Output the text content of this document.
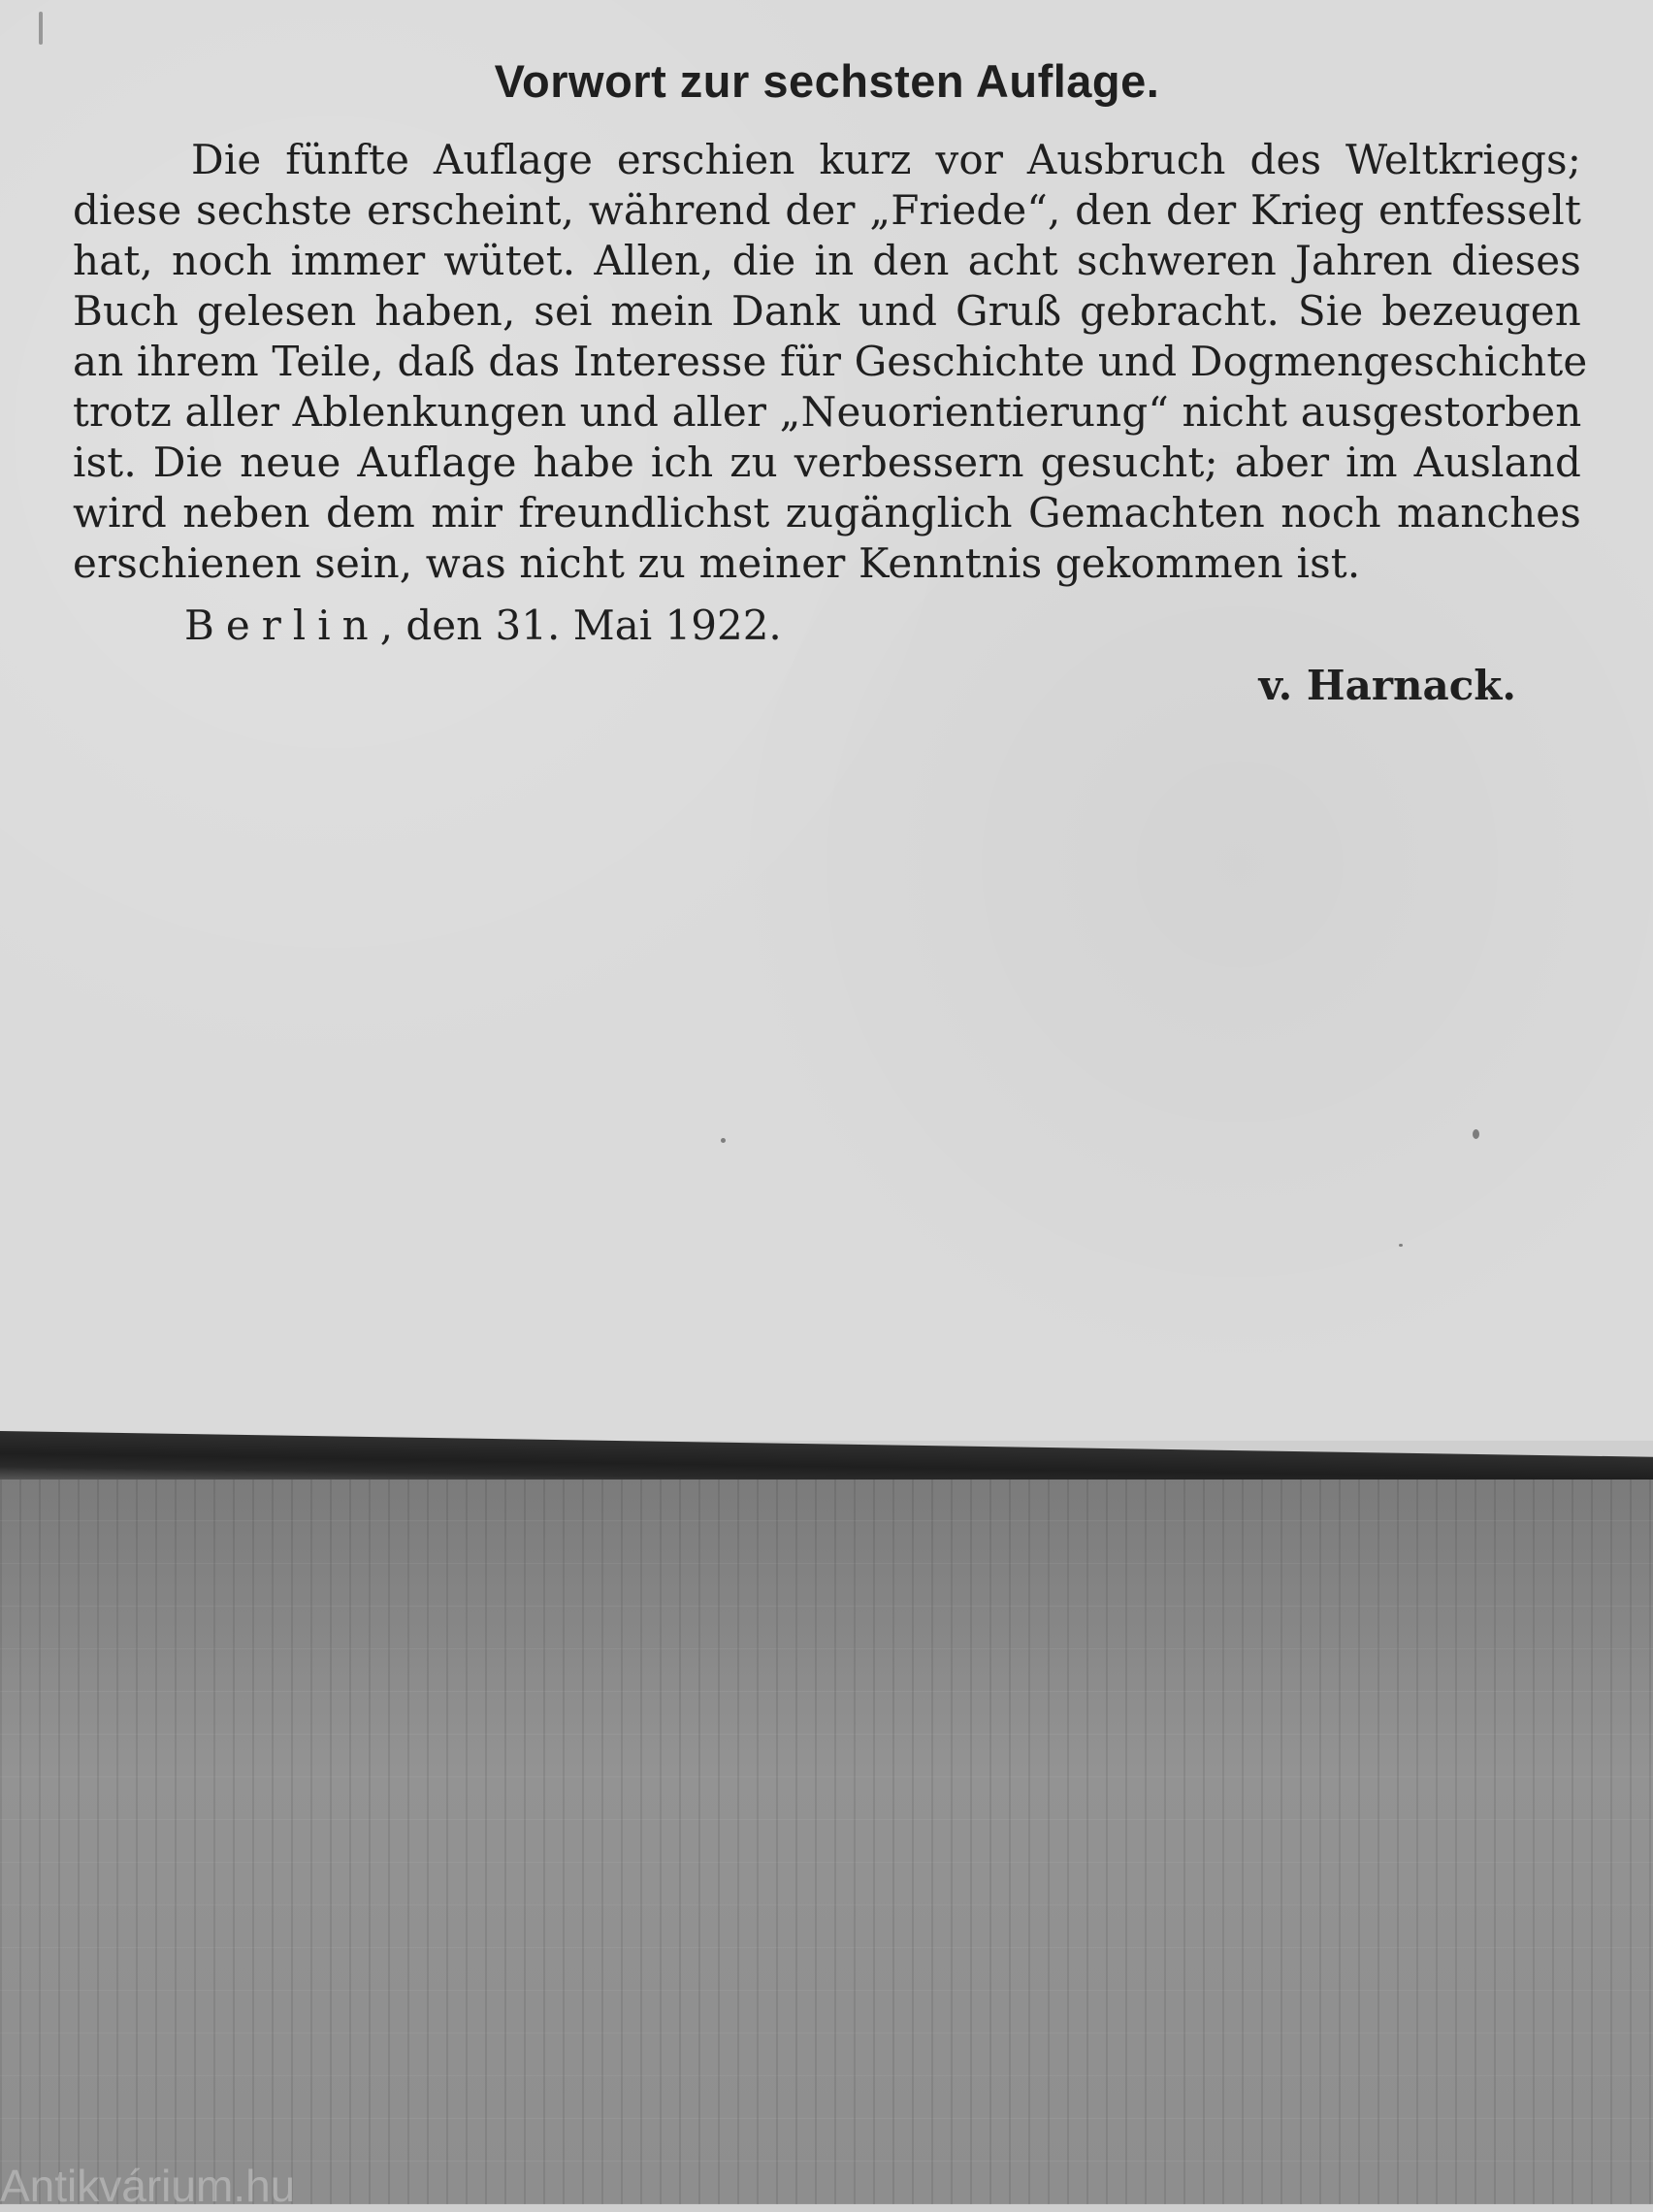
Vorwort zur sechsten Auflage.
Die fünfte Auflage erschien kurz vor Ausbruch des Weltkriegs;
diese sechste erscheint, während der „Friede“, den der Krieg entfesselt
hat, noch immer wütet. Allen, die in den acht schweren Jahren dieses
Buch gelesen haben, sei mein Dank und Gruß gebracht. Sie bezeugen
an ihrem Teile, daß das Interesse für Geschichte und Dogmengeschichte
trotz aller Ablenkungen und aller „Neuorientierung“ nicht ausgestorben
ist. Die neue Auflage habe ich zu verbessern gesucht; aber im Ausland
wird neben dem mir freundlichst zugänglich Gemachten noch manches
erschienen sein, was nicht zu meiner Kenntnis gekommen ist.
Berlin, den 31. Mai 1922.
v. Harnack.
Antikvárium.hu
